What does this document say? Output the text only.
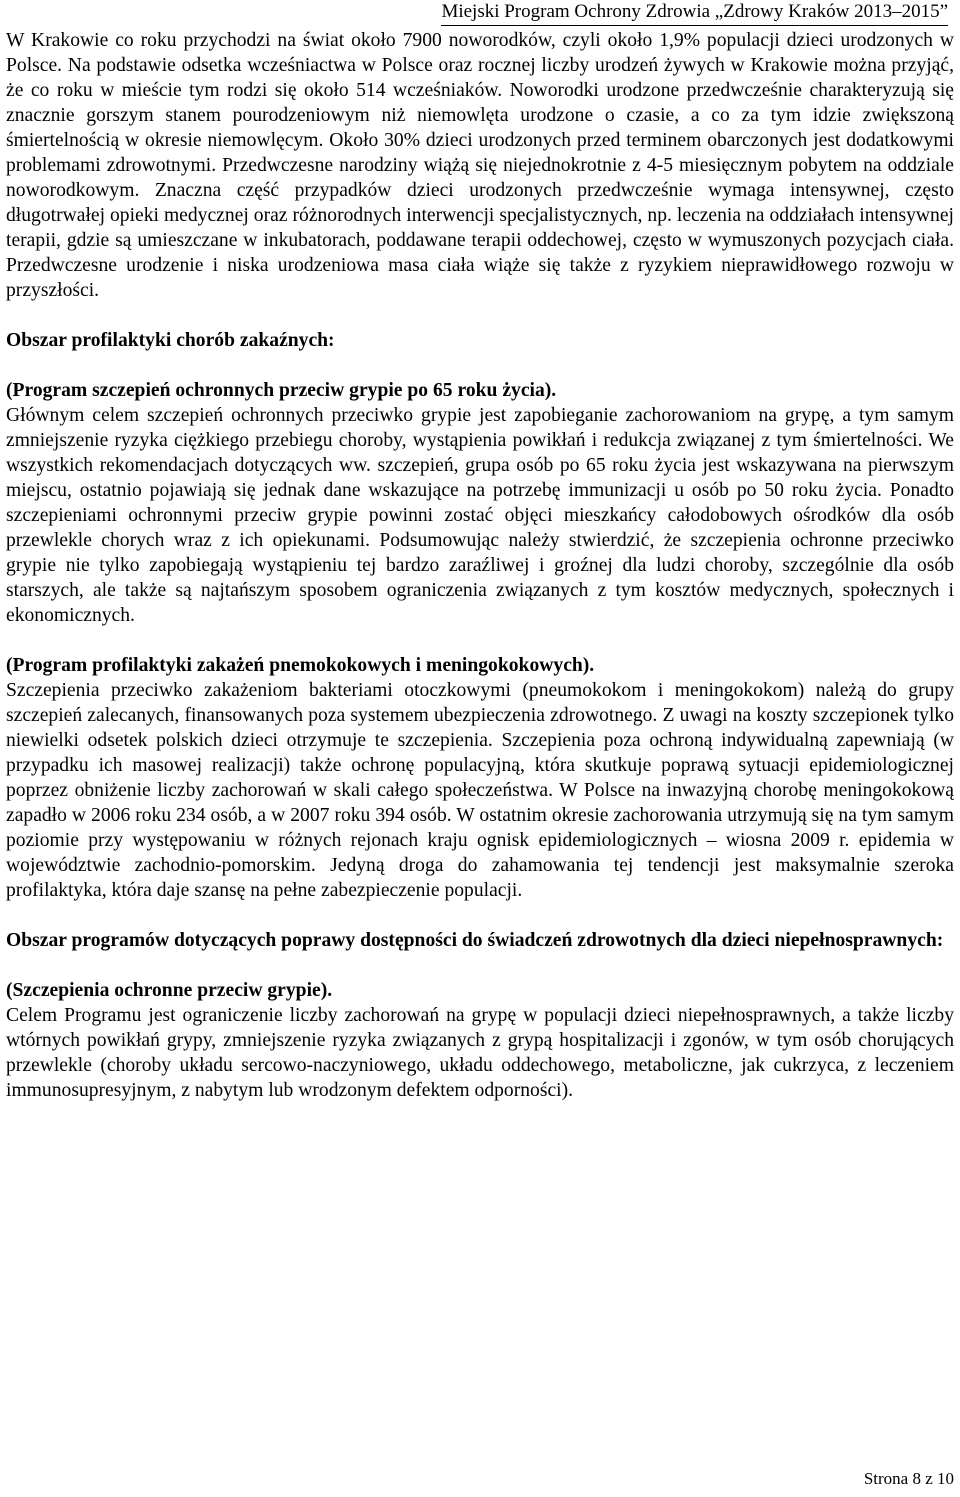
Miejski Program Ochrony Zdrowia „Zdrowy Kraków 2013–2015”

W Krakowie co roku przychodzi na świat około 7900 noworodków, czyli około 1,9% populacji dzieci urodzonych w Polsce. Na podstawie odsetka wcześniactwa w Polsce oraz rocznej liczby urodzeń żywych w Krakowie można przyjąć, że co roku w mieście tym rodzi się około 514 wcześniaków. Noworodki urodzone przedwcześnie charakteryzują się znacznie gorszym stanem pourodzeniowym niż niemowlęta urodzone o czasie, a co za tym idzie zwiększoną śmiertelnością w okresie niemowlęcym. Około 30% dzieci urodzonych przed terminem obarczonych jest dodatkowymi problemami zdrowotnymi. Przedwczesne narodziny wiążą się niejednokrotnie z 4-5 miesięcznym pobytem na oddziale noworodkowym. Znaczna część przypadków dzieci urodzonych przedwcześnie wymaga intensywnej, często długotrwałej opieki medycznej oraz różnorodnych interwencji specjalistycznych, np. leczenia na oddziałach intensywnej terapii, gdzie są umieszczane w inkubatorach, poddawane terapii oddechowej, często w wymuszonych pozycjach ciała. Przedwczesne urodzenie i niska urodzeniowa masa ciała wiąże się także z ryzykiem nieprawidłowego rozwoju w przyszłości.

Obszar profilaktyki chorób zakaźnych:

(Program szczepień ochronnych przeciw grypie po 65 roku życia).

Głównym celem szczepień ochronnych przeciwko grypie jest zapobieganie zachorowaniom na grypę, a tym samym zmniejszenie ryzyka ciężkiego przebiegu choroby, wystąpienia powikłań i redukcja związanej z tym śmiertelności. We wszystkich rekomendacjach dotyczących ww. szczepień, grupa osób po 65 roku życia jest wskazywana na pierwszym miejscu, ostatnio pojawiają się jednak dane wskazujące na potrzebę immunizacji u osób po 50 roku życia. Ponadto szczepieniami ochronnymi przeciw grypie powinni zostać objęci mieszkańcy całodobowych ośrodków dla osób przewlekle chorych wraz z ich opiekunami. Podsumowując należy stwierdzić, że szczepienia ochronne przeciwko grypie nie tylko zapobiegają wystąpieniu tej bardzo zaraźliwej i groźnej dla ludzi choroby, szczególnie dla osób starszych, ale także są najtańszym sposobem ograniczenia związanych z tym kosztów medycznych, społecznych i ekonomicznych.

(Program profilaktyki zakażeń pnemokokowych i meningokokowych).

Szczepienia przeciwko zakażeniom bakteriami otoczkowymi (pneumokokom i meningokokom) należą do grupy szczepień zalecanych, finansowanych poza systemem ubezpieczenia zdrowotnego. Z uwagi na koszty szczepionek tylko niewielki odsetek polskich dzieci otrzymuje te szczepienia. Szczepienia poza ochroną indywidualną zapewniają (w przypadku ich masowej realizacji) także ochronę populacyjną, która skutkuje poprawą sytuacji epidemiologicznej poprzez obniżenie liczby zachorowań w skali całego społeczeństwa. W Polsce na inwazyjną chorobę meningokokową zapadło w 2006 roku 234 osób, a w 2007 roku 394 osób. W ostatnim okresie zachorowania utrzymują się na tym samym poziomie przy występowaniu w różnych rejonach kraju ognisk epidemiologicznych – wiosna 2009 r. epidemia w województwie zachodnio-pomorskim. Jedyną droga do zahamowania tej tendencji jest maksymalnie szeroka profilaktyka, która daje szansę na pełne zabezpieczenie populacji.

Obszar programów dotyczących poprawy dostępności do świadczeń zdrowotnych dla dzieci niepełnosprawnych:

(Szczepienia ochronne przeciw grypie).

Celem Programu jest ograniczenie liczby zachorowań na grypę w populacji dzieci niepełnosprawnych, a także liczby wtórnych powikłań grypy, zmniejszenie ryzyka związanych z grypą hospitalizacji i zgonów, w tym osób chorujących przewlekle (choroby układu sercowo-naczyniowego, układu oddechowego, metaboliczne, jak cukrzyca, z leczeniem immunosupresyjnym, z nabytym lub wrodzonym defektem odporności).

Strona 8 z 10
